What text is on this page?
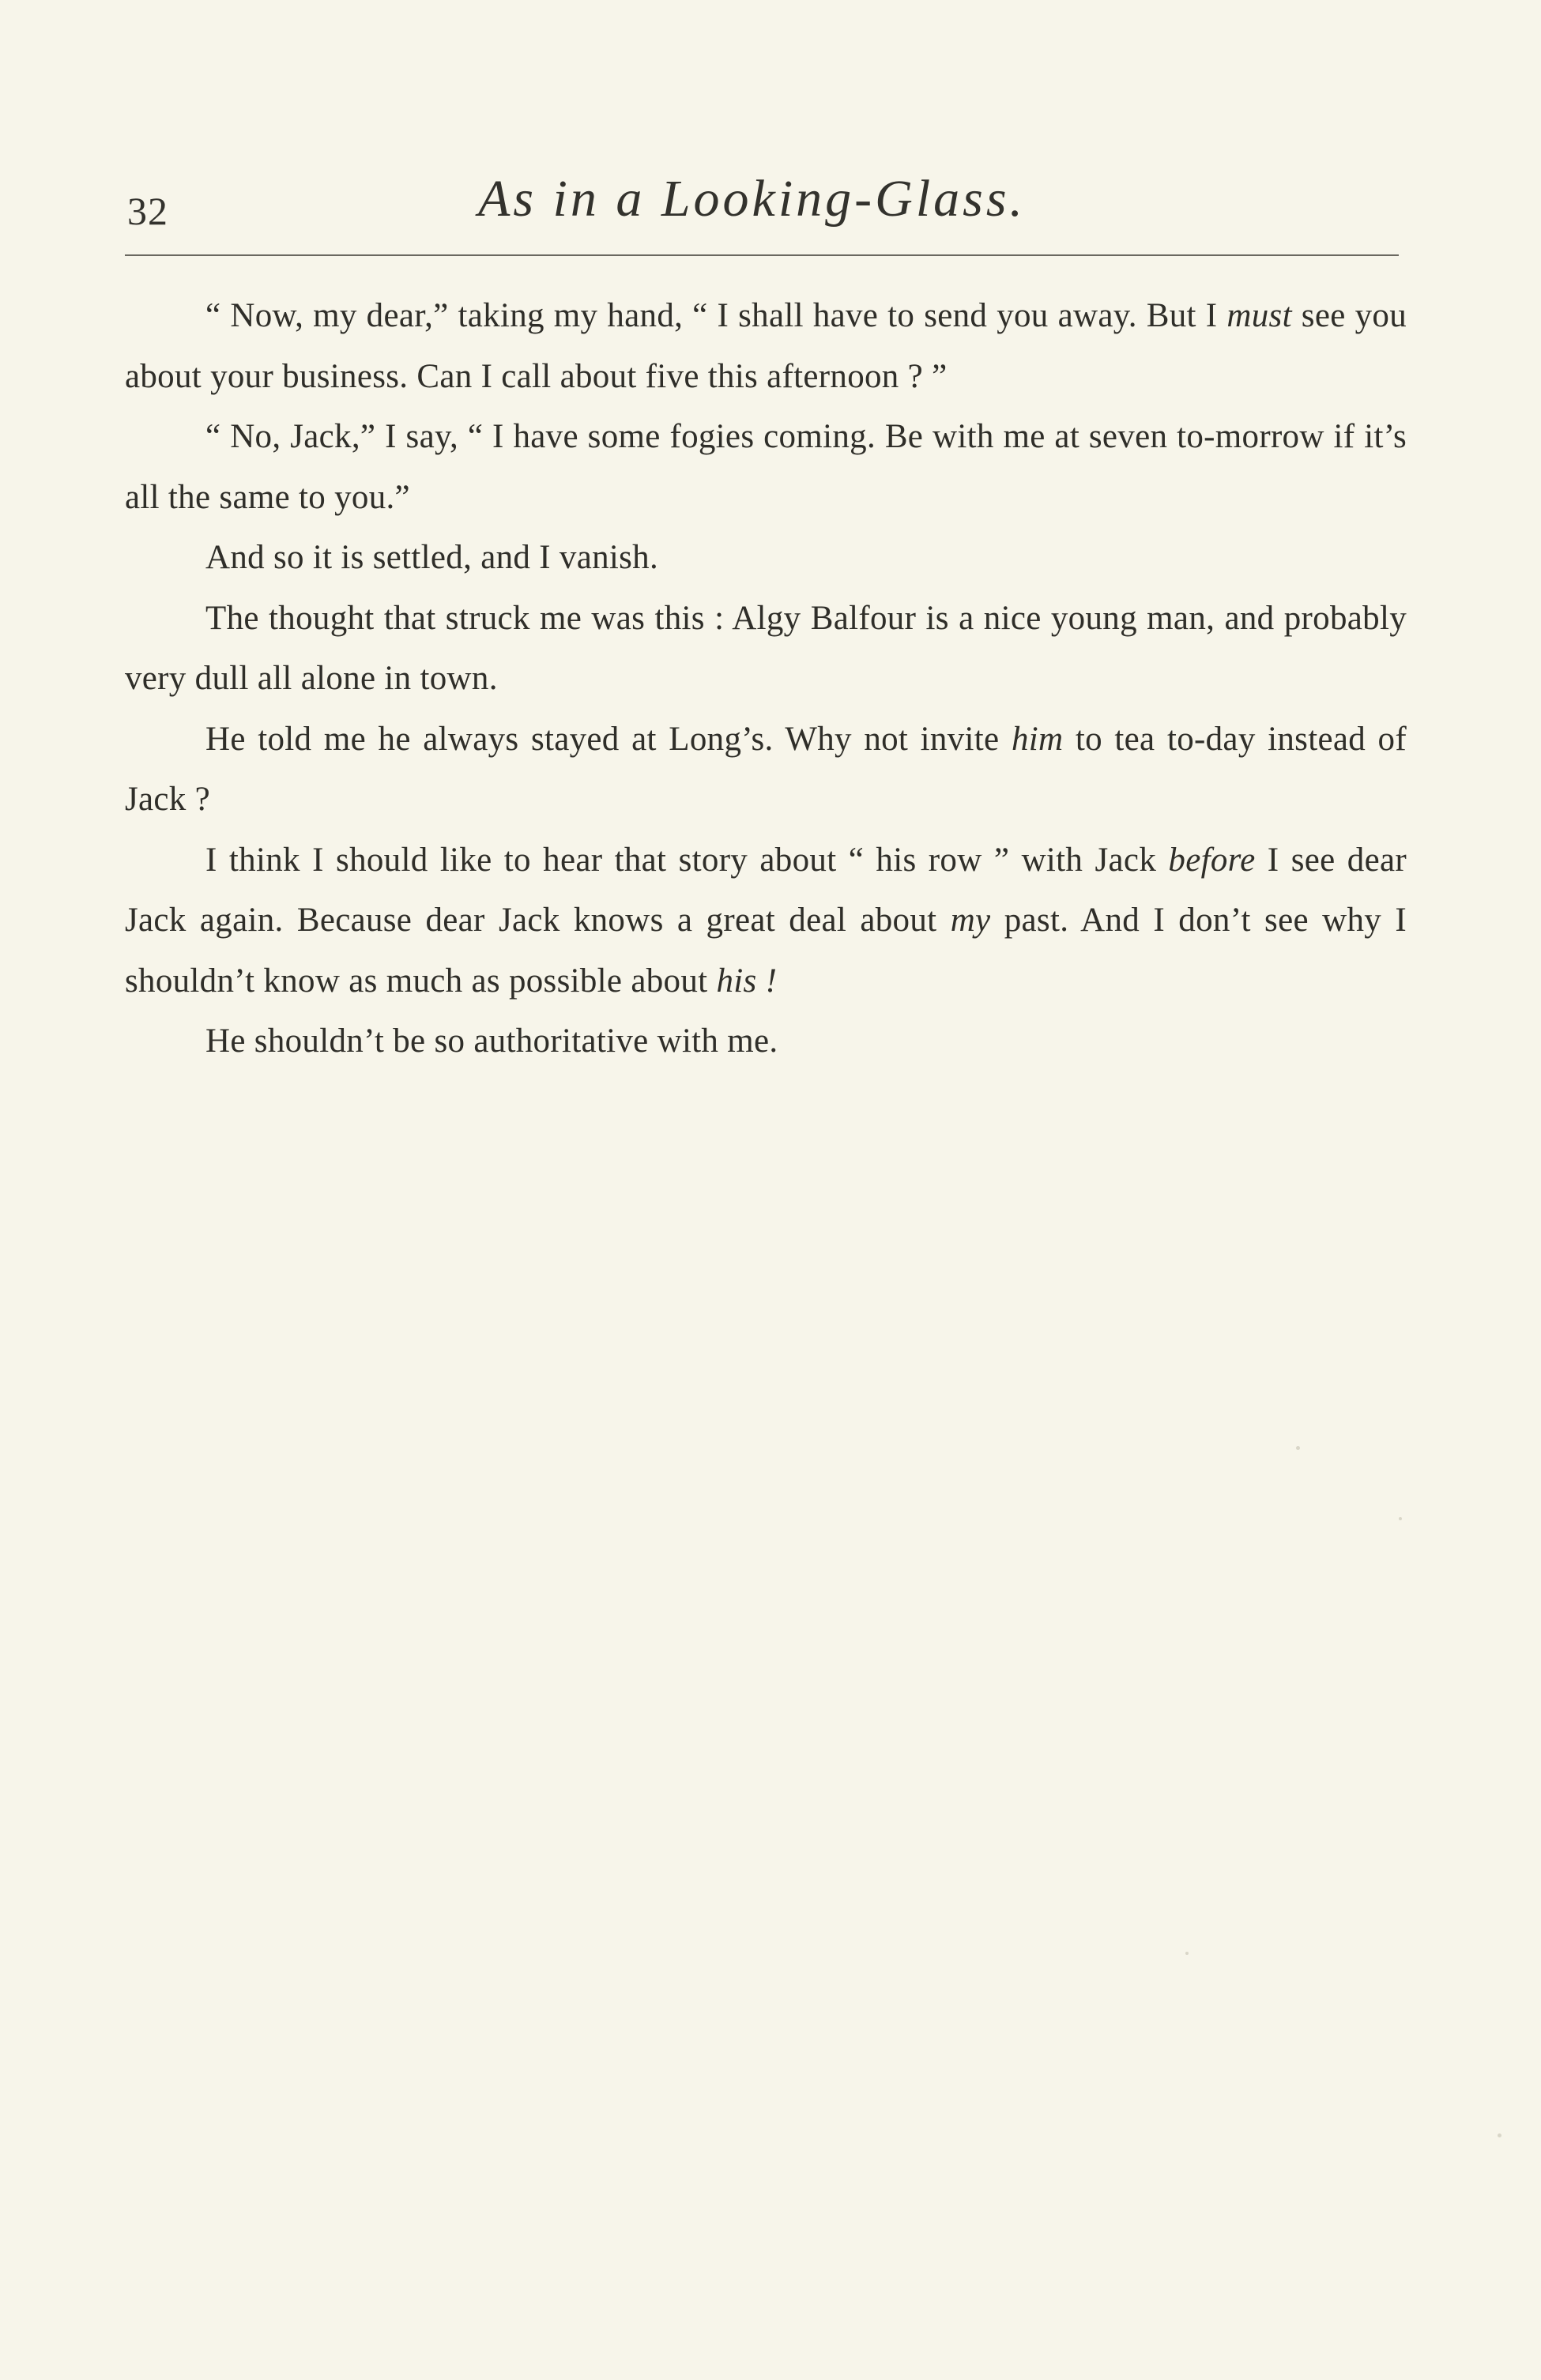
32	As in a Looking-Glass.

“ Now, my dear,” taking my hand, “ I shall have to send you away. But I must see you about your business. Can I call about five this afternoon ? ”

“ No, Jack,” I say, “ I have some fogies coming. Be with me at seven to-morrow if it’s all the same to you.”

And so it is settled, and I vanish.

The thought that struck me was this : Algy Balfour is a nice young man, and probably very dull all alone in town.

He told me he always stayed at Long’s. Why not invite him to tea to-day instead of Jack ?

I think I should like to hear that story about “ his row ” with Jack before I see dear Jack again. Because dear Jack knows a great deal about my past. And I don’t see why I shouldn’t know as much as possible about his !

He shouldn’t be so authoritative with me.
